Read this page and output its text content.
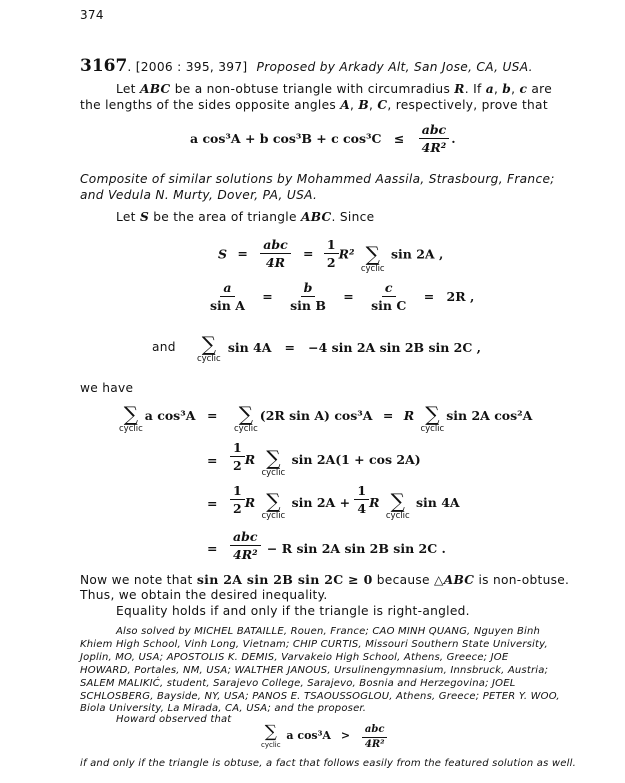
374
3167. [2006 : 395, 397] Proposed by Arkady Alt, San Jose, CA, USA.
Let ABC be a non-obtuse triangle with circumradius R. If a, b, c are
the lengths of the sides opposite angles A, B, C, respectively, prove that
a cos³A + b cos³B + c $\cos^3C \le \frac{\text{abc}}{\text{4R²}}$ .
Composite of similar solutions by Mohammed Aassila, Strasbourg, France;
and Vedula N. Murty, Dover, PA, USA.
Let S be the area of triangle ABC. Since
$S = \frac{\text{abc}}{4R} = \frac{1}{2} R^2$ ∑
cyclic
sin 2A ,
$\frac{a}{\text{sin A}} = \frac{b}{\text{sin B}} = \frac{c}{\text{sin C}} = 2R$ ,
$^{and}$ ∑
cyclic
$^{sin 4A}$ = $^{-4 sin 2A sin 2B sin 2C ,}$
we have
∑
cyclic
a cos³A = ∑
cyclic
(2R sin A) cos³A = R ∑
cyclic
sin 2A cos²A
= $\frac{1}{2}$ R ∑
cyclic
sin 2A(1 + cos 2A)
= $\frac{1}{2}$ R ∑
cyclic
$\sin 2A + \frac{1}{4}$ R ∑
cyclic
sin 4A
= $\frac{\text{abc}}{\text{4R²}} - R$ sin 2A sin 2B sin 2C .
Now we note that sin 2A sin 2B sin 2C ≥ 0 because △ABC is non-obtuse.
Thus, we obtain the desired inequality.
Equality holds if and only if the triangle is right-angled.
Also solved by MICHEL BATAILLE, Rouen, France; CAO MINH QUANG, Nguyen Binh
Khiem High School, Vinh Long, Vietnam; CHIP CURTIS, Missouri Southern State University,
Joplin, MO, USA; APOSTOLIS K. DEMIS, Varvakeio High School, Athens, Greece; JOE
HOWARD, Portales, NM, USA; WALTHER JANOUS, Ursulinengymnasium, Innsbruck, Austria;
SALEM MALIKIĆ, student, Sarajevo College, Sarajevo, Bosnia and Herzegovina; JOEL
SCHLOSBERG, Bayside, NY, USA; PANOS E. TSAOUSSOGLOU, Athens, Greece; PETER Y. WOO,
Biola University, La Mirada, CA, USA; and the proposer.
Howard observed that
∑
cyclic
a $\cos^3A > \frac{\text{abc}}{\text{4R²}}$
if and only if the triangle is obtuse, a fact that follows easily from the featured solution as well.
